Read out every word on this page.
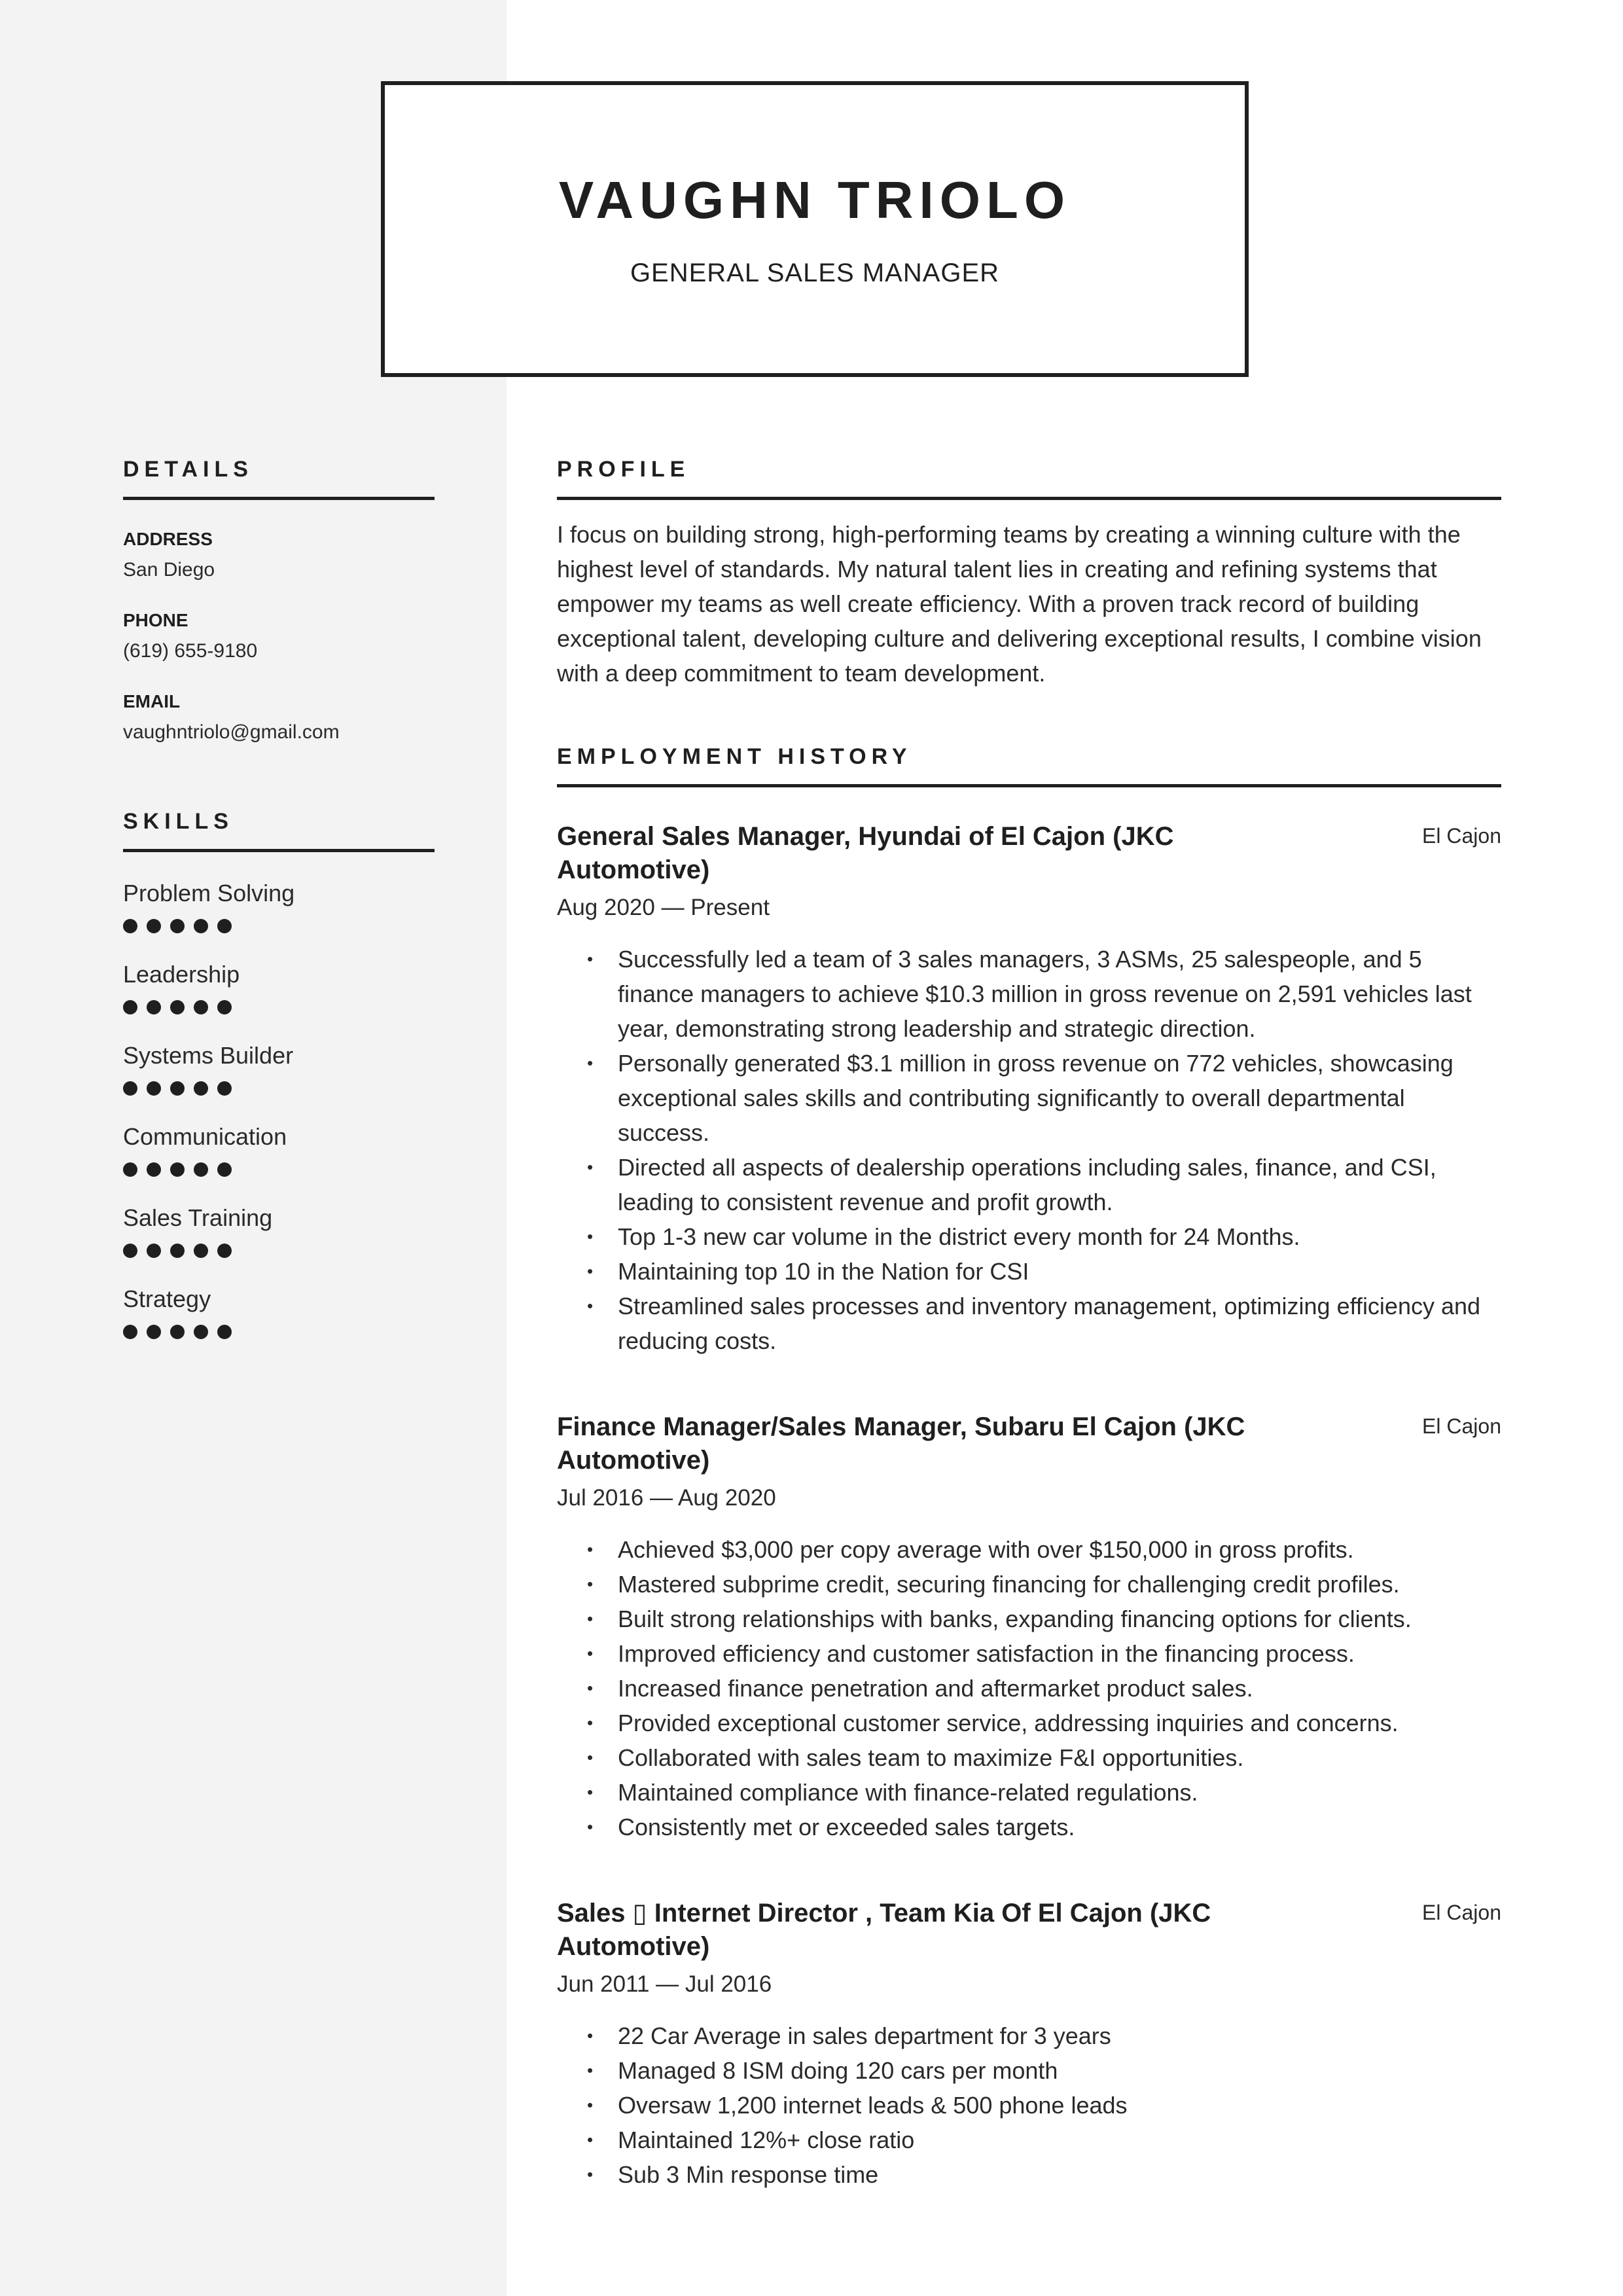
VAUGHN TRIOLO
GENERAL SALES MANAGER
DETAILS
ADDRESS
San Diego
PHONE
(619) 655-9180
EMAIL
vaughntriolo@gmail.com
SKILLS
Problem Solving
Leadership
Systems Builder
Communication
Sales Training
Strategy
PROFILE
I focus on building strong, high-performing teams by creating a winning culture with the highest level of standards. My natural talent lies in creating and refining systems that empower my teams as well create efficiency. With a proven track record of building exceptional talent, developing culture and delivering exceptional results, I combine vision with a deep commitment to team development.
EMPLOYMENT HISTORY
General Sales Manager, Hyundai of El Cajon (JKC Automotive)
El Cajon
Aug 2020 — Present
• Successfully led a team of 3 sales managers, 3 ASMs, 25 salespeople, and 5 finance managers to achieve $10.3 million in gross revenue on 2,591 vehicles last year, demonstrating strong leadership and strategic direction.
• Personally generated $3.1 million in gross revenue on 772 vehicles, showcasing exceptional sales skills and contributing significantly to overall departmental success.
• Directed all aspects of dealership operations including sales, finance, and CSI, leading to consistent revenue and profit growth.
• Top 1-3 new car volume in the district every month for 24 Months.
• Maintaining top 10 in the Nation for CSI
• Streamlined sales processes and inventory management, optimizing efficiency and reducing costs.
Finance Manager/Sales Manager, Subaru El Cajon (JKC Automotive)
El Cajon
Jul 2016 — Aug 2020
• Achieved $3,000 per copy average with over $150,000 in gross profits.
• Mastered subprime credit, securing financing for challenging credit profiles.
• Built strong relationships with banks, expanding financing options for clients.
• Improved efficiency and customer satisfaction in the financing process.
• Increased finance penetration and aftermarket product sales.
• Provided exceptional customer service, addressing inquiries and concerns.
• Collaborated with sales team to maximize F&I opportunities.
• Maintained compliance with finance-related regulations.
• Consistently met or exceeded sales targets.
Sales ▯ Internet Director , Team Kia Of El Cajon (JKC Automotive)
El Cajon
Jun 2011 — Jul 2016
• 22 Car Average in sales department for 3 years
• Managed 8 ISM doing 120 cars per month
• Oversaw 1,200 internet leads & 500 phone leads
• Maintained 12%+ close ratio
• Sub 3 Min response time
